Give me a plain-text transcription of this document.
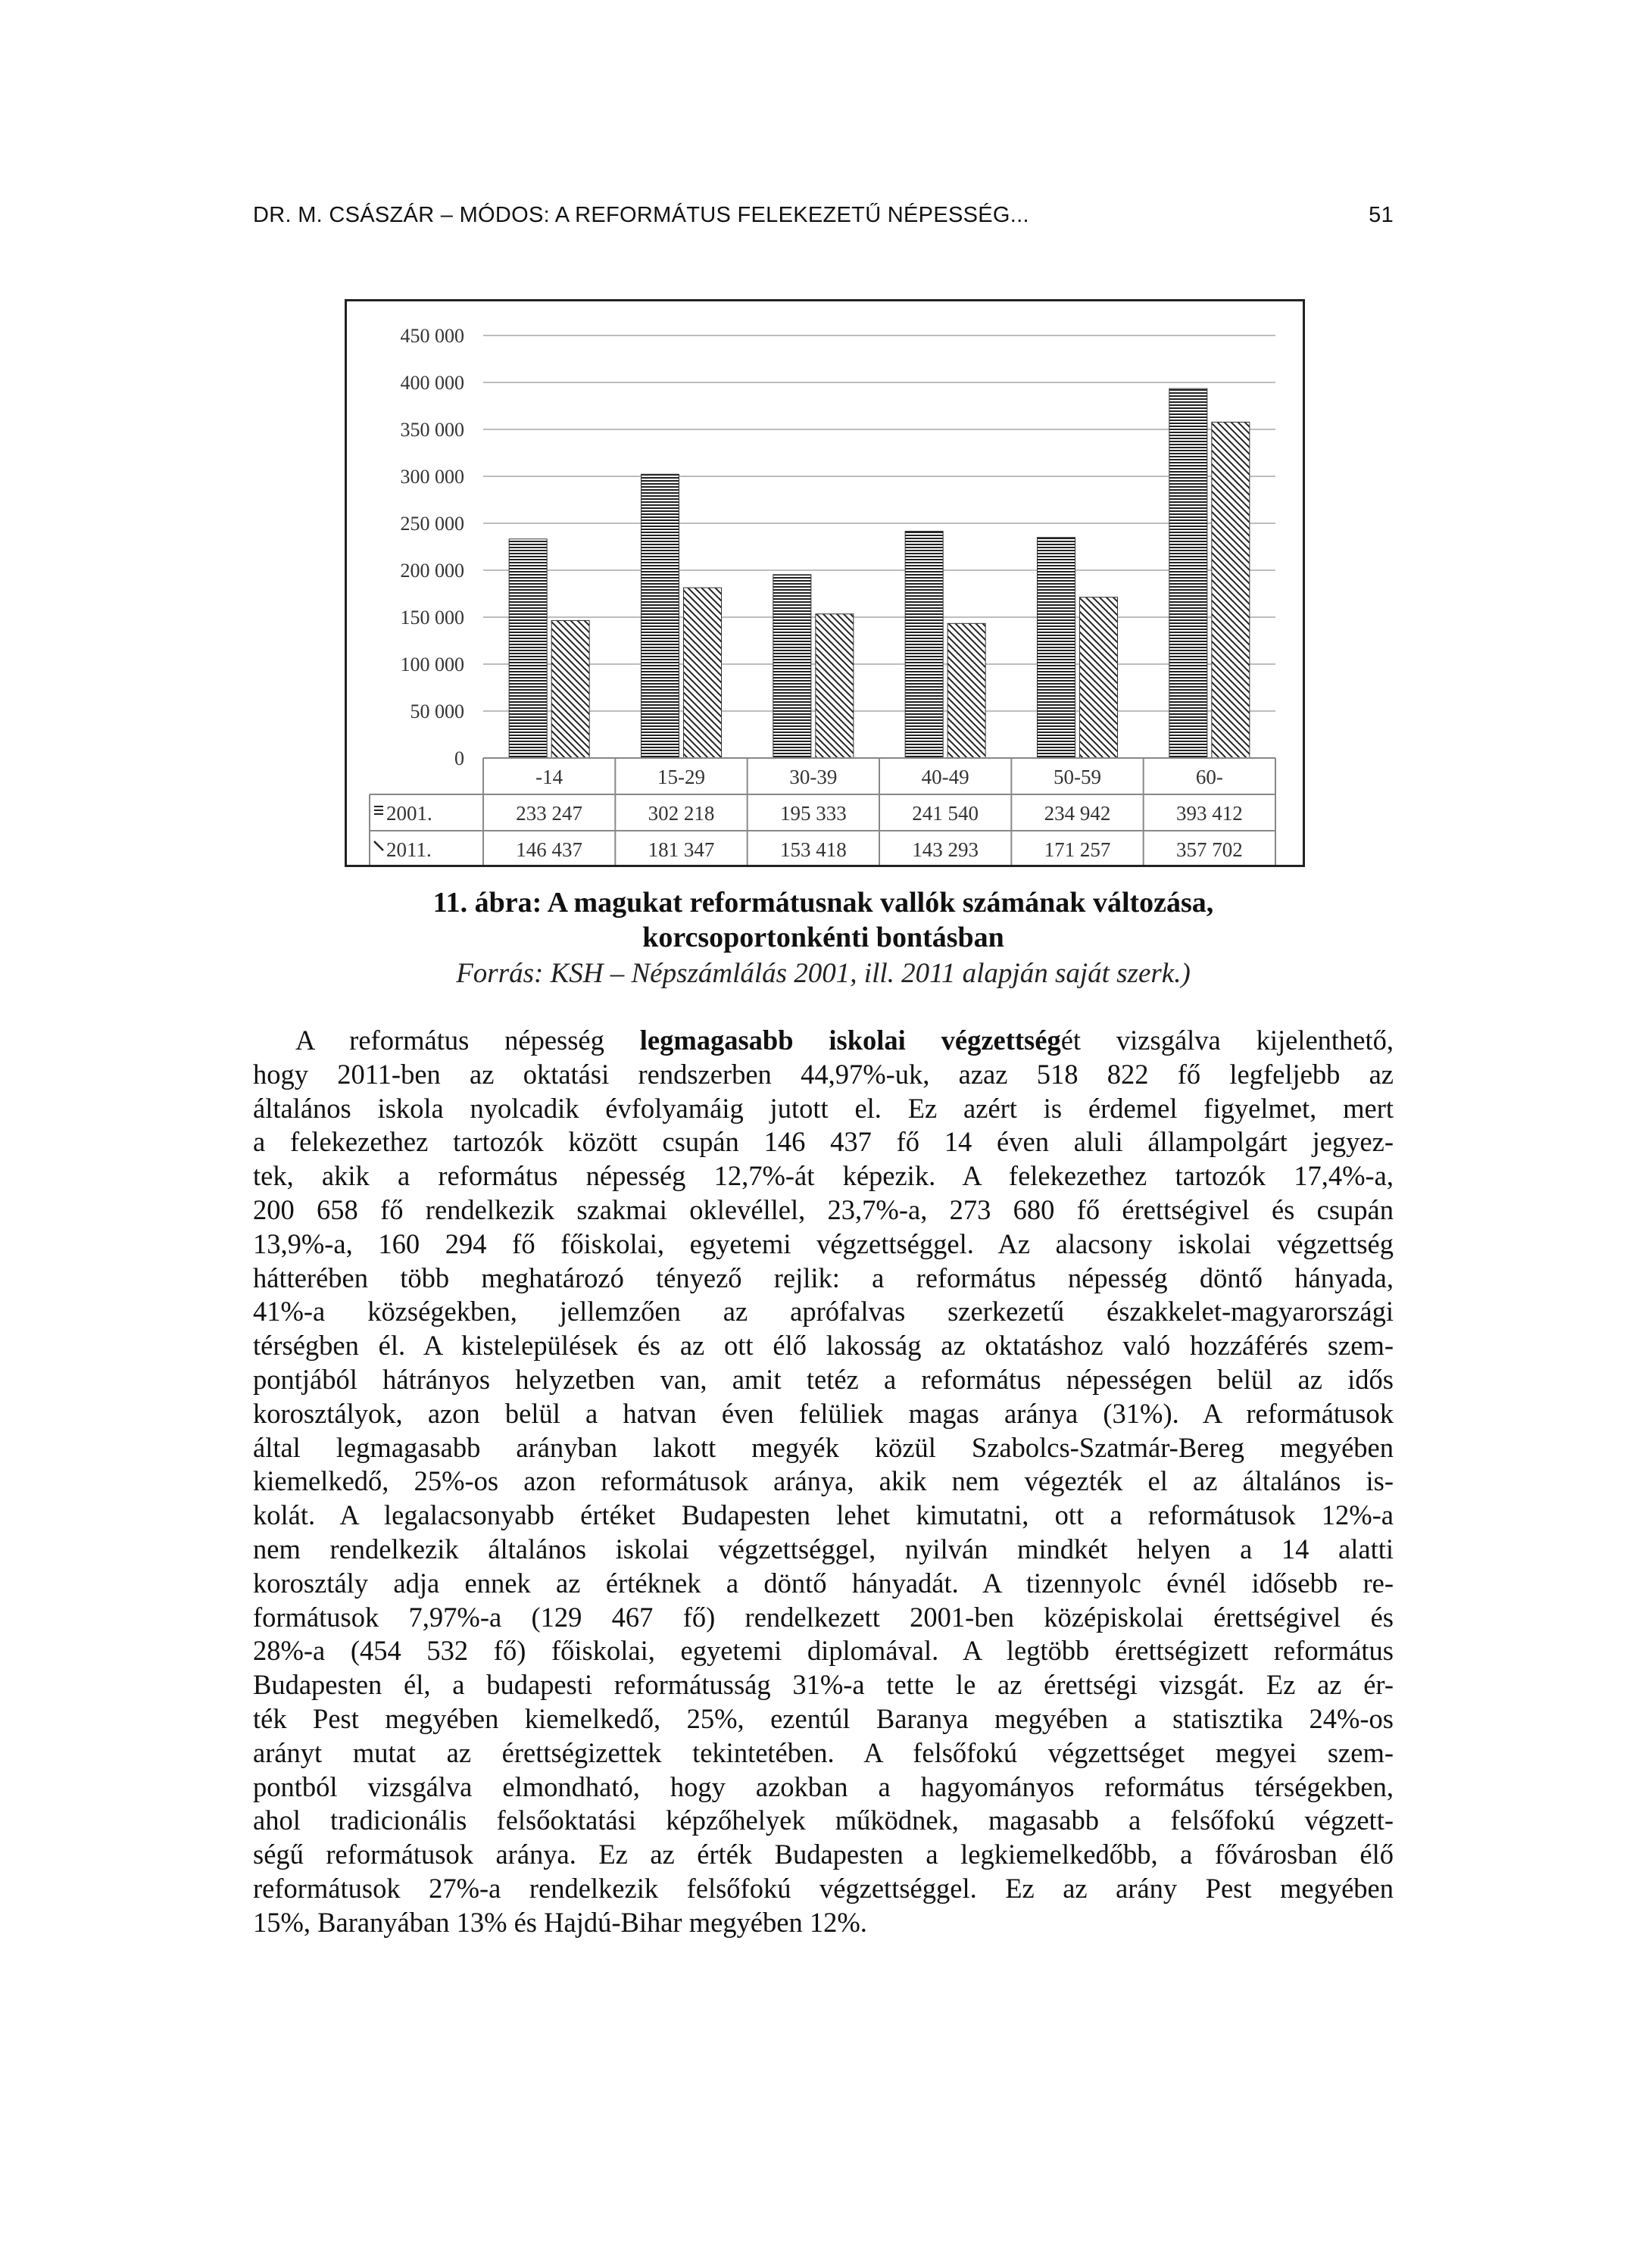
DR. M. CSÁSZÁR – MÓDOS: A REFORMÁTUS FELEKEZETŰ NÉPESSÉG...	51
0
50 000
100 000
150 000
200 000
250 000
300 000
350 000
400 000
450 000
-14	15-29	30-39	40-49	50-59	60-
2001.	233 247	302 218	195 333	241 540	234 942	393 412
2011.	146 437	181 347	153 418	143 293	171 257	357 702
11. ábra: A magukat reformátusnak vallók számának változása,
korcsoportonkénti bontásban
Forrás: KSH – Népszámlálás 2001, ill. 2011 alapján saját szerk.)
A református népesség legmagasabb iskolai végzettségét vizsgálva kijelenthető,
hogy 2011-ben az oktatási rendszerben 44,97%-uk, azaz 518 822 fő legfeljebb az
általános iskola nyolcadik évfolyamáig jutott el. Ez azért is érdemel figyelmet, mert
a felekezethez tartozók között csupán 146 437 fő 14 éven aluli állampolgárt jegyez-
tek, akik a református népesség 12,7%-át képezik. A felekezethez tartozók 17,4%-a,
200 658 fő rendelkezik szakmai oklevéllel, 23,7%-a, 273 680 fő érettségivel és csupán
13,9%-a, 160 294 fő főiskolai, egyetemi végzettséggel. Az alacsony iskolai végzettség
hátterében több meghatározó tényező rejlik: a református népesség döntő hányada,
41%-a községekben, jellemzően az aprófalvas szerkezetű északkelet-magyarországi
térségben él. A kistelepülések és az ott élő lakosság az oktatáshoz való hozzáférés szem-
pontjából hátrányos helyzetben van, amit tetéz a református népességen belül az idős
korosztályok, azon belül a hatvan éven felüliek magas aránya (31%). A reformátusok
által legmagasabb arányban lakott megyék közül Szabolcs-Szatmár-Bereg megyében
kiemelkedő, 25%-os azon reformátusok aránya, akik nem végezték el az általános is-
kolát. A legalacsonyabb értéket Budapesten lehet kimutatni, ott a reformátusok 12%-a
nem rendelkezik általános iskolai végzettséggel, nyilván mindkét helyen a 14 alatti
korosztály adja ennek az értéknek a döntő hányadát. A tizennyolc évnél idősebb re-
formátusok 7,97%-a (129 467 fő) rendelkezett 2001-ben középiskolai érettségivel és
28%-a (454 532 fő) főiskolai, egyetemi diplomával. A legtöbb érettségizett református
Budapesten él, a budapesti reformátusság 31%-a tette le az érettségi vizsgát. Ez az ér-
ték Pest megyében kiemelkedő, 25%, ezentúl Baranya megyében a statisztika 24%-os
arányt mutat az érettségizettek tekintetében. A felsőfokú végzettséget megyei szem-
pontból vizsgálva elmondható, hogy azokban a hagyományos református térségekben,
ahol tradicionális felsőoktatási képzőhelyek működnek, magasabb a felsőfokú végzett-
ségű reformátusok aránya. Ez az érték Budapesten a legkiemelkedőbb, a fővárosban élő
reformátusok 27%-a rendelkezik felsőfokú végzettséggel. Ez az arány Pest megyében
15%, Baranyában 13% és Hajdú-Bihar megyében 12%.
